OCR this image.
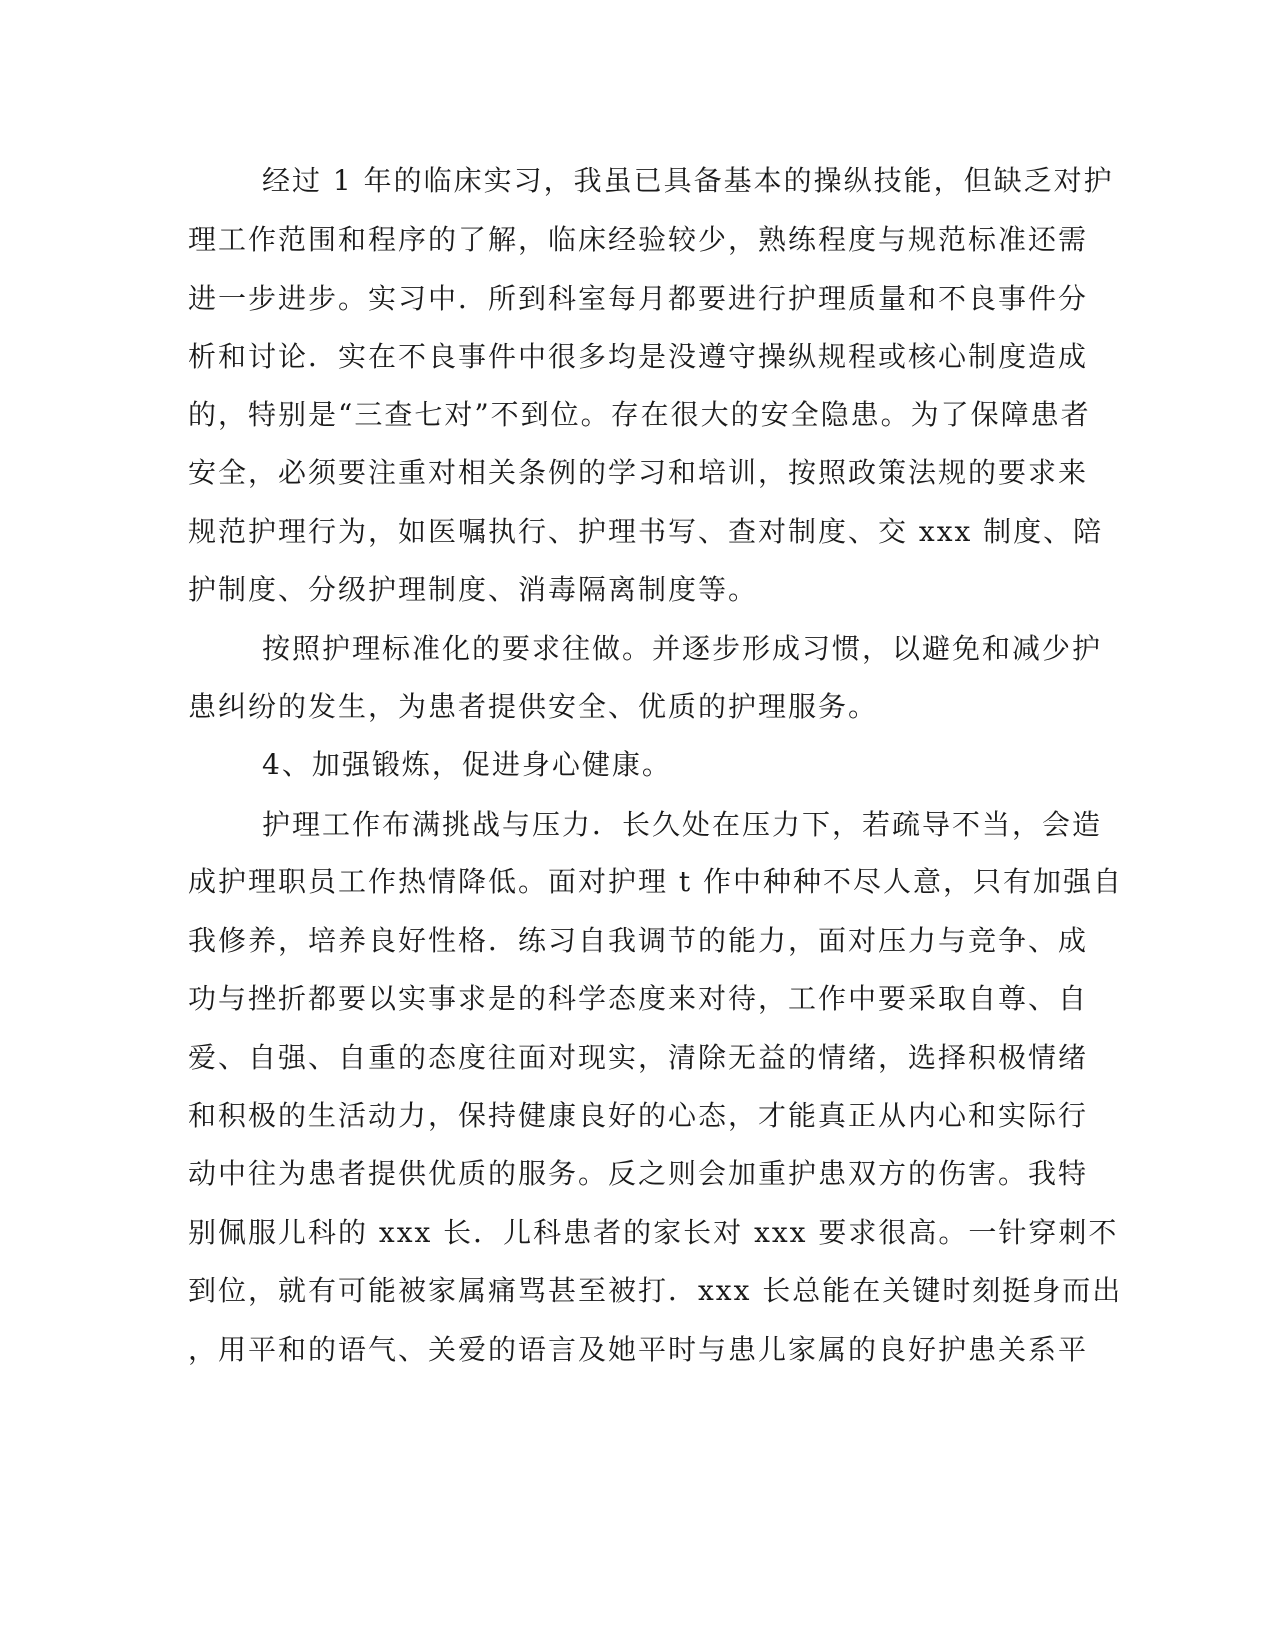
经过 1 年的临床实习，我虽已具备基本的操纵技能，但缺乏对护
理工作范围和程序的了解，临床经验较少，熟练程度与规范标准还需
进一步进步。实习中．所到科室每月都要进行护理质量和不良事件分
析和讨论．实在不良事件中很多均是没遵守操纵规程或核心制度造成
的，特别是“三查七对”不到位。存在很大的安全隐患。为了保障患者
安全，必须要注重对相关条例的学习和培训，按照政策法规的要求来
规范护理行为，如医嘱执行、护理书写、查对制度、交 xxx 制度、陪
护制度、分级护理制度、消毒隔离制度等。
按照护理标准化的要求往做。并逐步形成习惯，以避免和减少护
患纠纷的发生，为患者提供安全、优质的护理服务。
4、加强锻炼，促进身心健康。
护理工作布满挑战与压力．长久处在压力下，若疏导不当，会造
成护理职员工作热情降低。面对护理 t 作中种种不尽人意，只有加强自
我修养，培养良好性格．练习自我调节的能力，面对压力与竞争、成
功与挫折都要以实事求是的科学态度来对待，工作中要采取自尊、自
爱、自强、自重的态度往面对现实，清除无益的情绪，选择积极情绪
和积极的生活动力，保持健康良好的心态，才能真正从内心和实际行
动中往为患者提供优质的服务。反之则会加重护患双方的伤害。我特
别佩服儿科的 xxx 长．儿科患者的家长对 xxx 要求很高。一针穿刺不
到位，就有可能被家属痛骂甚至被打．xxx 长总能在关键时刻挺身而出
，用平和的语气、关爱的语言及她平时与患儿家属的良好护患关系平
